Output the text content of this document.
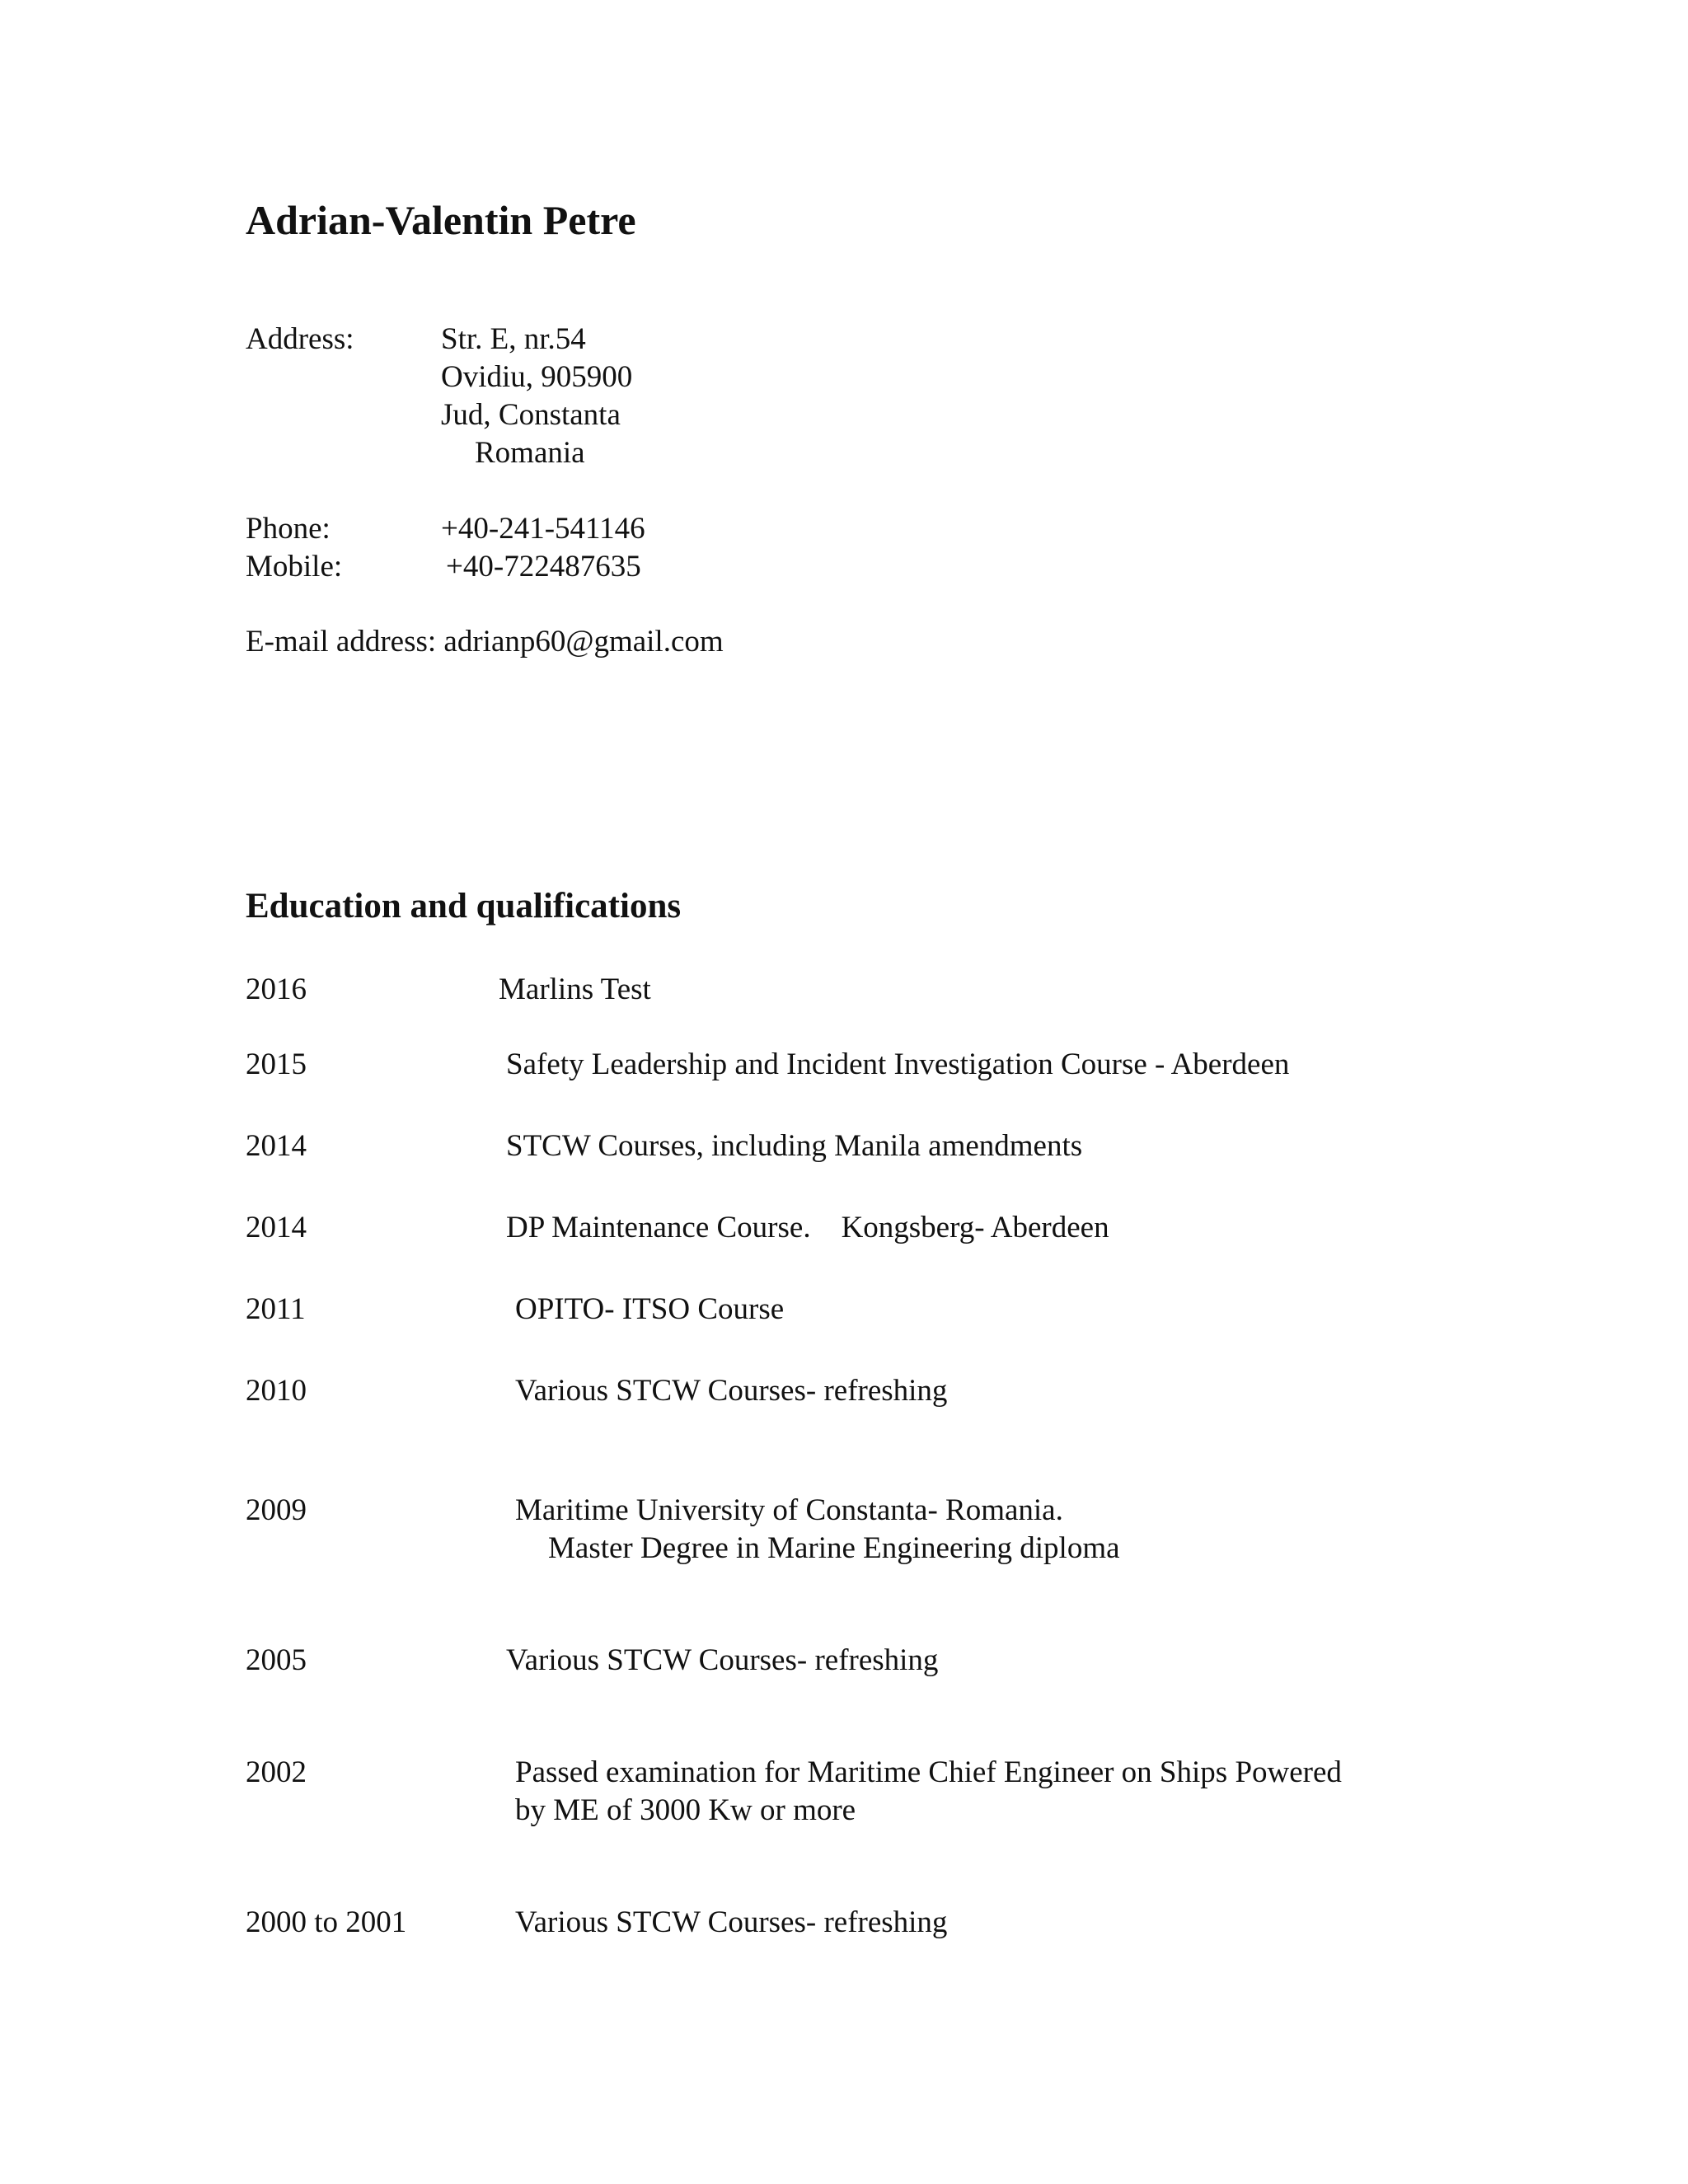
Adrian-Valentin Petre
Address:	Str. E, nr.54
Ovidiu, 905900
Jud, Constanta
Romania
Phone:	+40-241-541146
Mobile:	+40-722487635
E-mail address: adrianp60@gmail.com
Education and qualifications
2016	Marlins Test
2015	Safety Leadership and Incident Investigation Course - Aberdeen
2014	STCW Courses, including Manila amendments
2014	DP Maintenance Course.    Kongsberg- Aberdeen
2011	OPITO- ITSO Course
2010	Various STCW Courses- refreshing
2009	Maritime University of Constanta- Romania.
Master Degree in Marine Engineering diploma
2005	Various STCW Courses- refreshing
2002	Passed examination for Maritime Chief Engineer on Ships Powered
by ME of 3000 Kw or more
2000 to 2001	Various STCW Courses- refreshing
